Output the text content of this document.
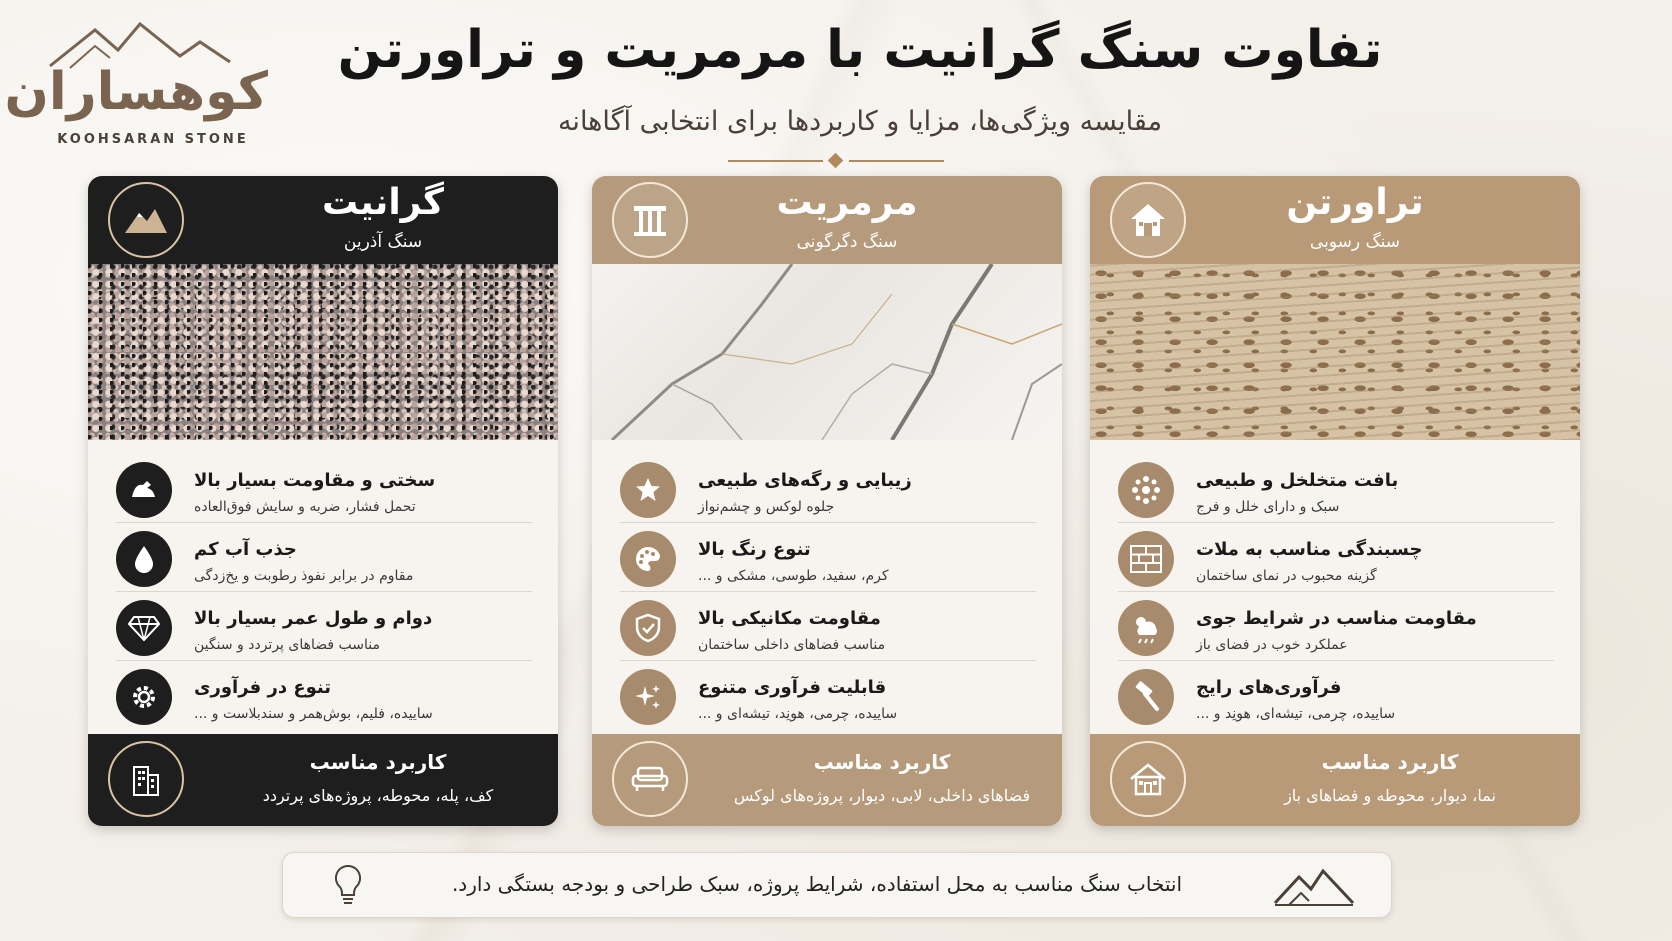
کوهساران
KOOHSARAN STONE
تفاوت سنگ گرانیت با مرمریت و تراورتن
مقایسه ویژگی‌ها، مزایا و کاربردها برای انتخابی آگاهانه
گرانیت
سنگ آذرین
سختی و مقاومت بسیار بالا
تحمل فشار، ضربه و سایش فوق‌العاده
جذب آب کم
مقاوم در برابر نفوذ رطوبت و یخ‌زدگی
دوام و طول عمر بسیار بالا
مناسب فضاهای پرتردد و سنگین
تنوع در فرآوری
ساییده، فلیم، بوش‌همر و سندبلاست و ...
کاربرد مناسب
کف، پله، محوطه، پروژه‌های پرتردد
مرمریت
سنگ دگرگونی
زیبایی و رگه‌های طبیعی
جلوه لوکس و چشم‌نواز
تنوع رنگ بالا
کرم، سفید، طوسی، مشکی و ...
مقاومت مکانیکی بالا
مناسب فضاهای داخلی ساختمان
قابلیت فرآوری متنوع
ساییده، چرمی، هونِد، تیشه‌ای و ...
کاربرد مناسب
فضاهای داخلی، لابی، دیوار، پروژه‌های لوکس
تراورتن
سنگ رسوبی
بافت متخلخل و طبیعی
سبک و دارای خلل و فرج
چسبندگی مناسب به ملات
گزینه محبوب در نمای ساختمان
مقاومت مناسب در شرایط جوی
عملکرد خوب در فضای باز
فرآوری‌های رایج
ساییده، چرمی، تیشه‌ای، هونِد و ...
کاربرد مناسب
نما، دیوار، محوطه و فضاهای باز
انتخاب سنگ مناسب به محل استفاده، شرایط پروژه، سبک طراحی و بودجه بستگی دارد.
